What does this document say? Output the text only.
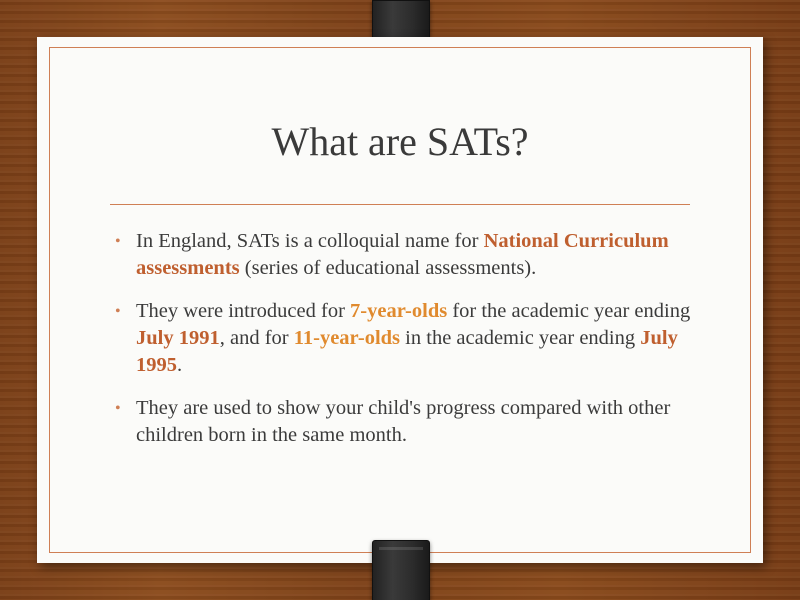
What are SATs?
• In England, SATs is a colloquial name for National Curriculum assessments (series of educational assessments).
• They were introduced for 7-year-olds for the academic year ending July 1991, and for 11-year-olds in the academic year ending July 1995.
• They are used to show your child's progress compared with other children born in the same month.
